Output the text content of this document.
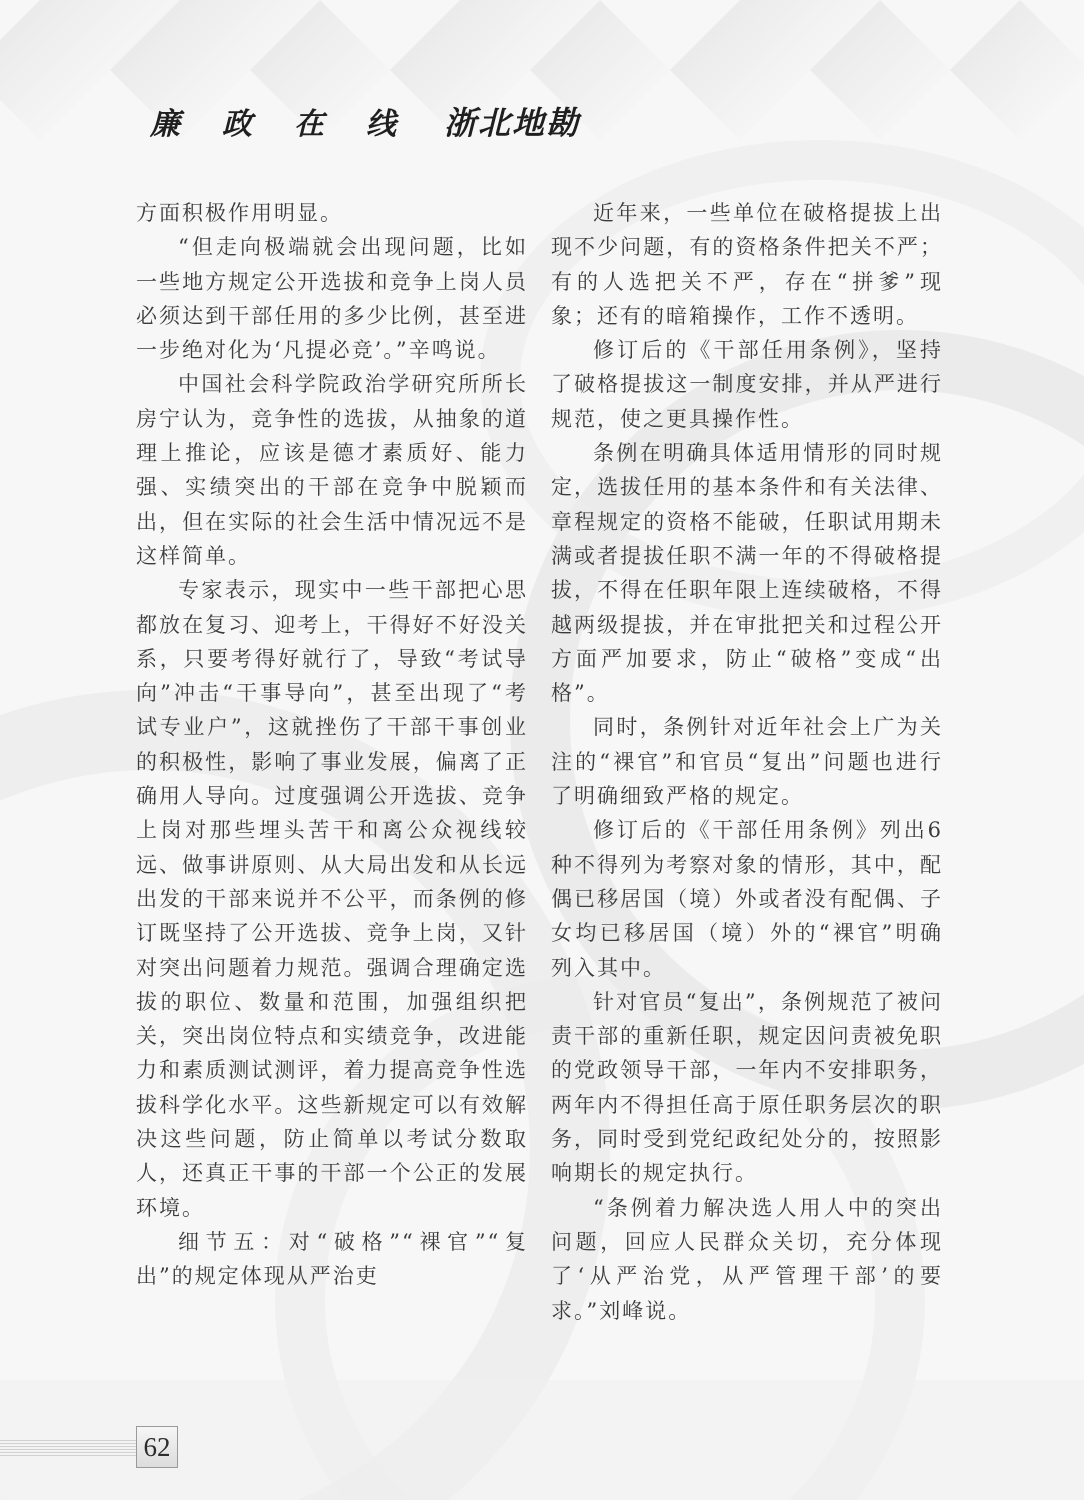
廉	政	在	线	浙北地勘

方面积极作用明显。

“但走向极端就会出现问题，比如一些地方规定公开选拔和竞争上岗人员必须达到干部任用的多少比例，甚至进一步绝对化为‘凡提必竞’。”辛鸣说。

中国社会科学院政治学研究所所长房宁认为，竞争性的选拔，从抽象的道理上推论，应该是德才素质好、能力强、实绩突出的干部在竞争中脱颖而出，但在实际的社会生活中情况远不是这样简单。

专家表示，现实中一些干部把心思都放在复习、迎考上，干得好不好没关系，只要考得好就行了，导致“考试导向”冲击“干事导向”，甚至出现了“考试专业户”，这就挫伤了干部干事创业的积极性，影响了事业发展，偏离了正确用人导向。过度强调公开选拔、竞争上岗对那些埋头苦干和离公众视线较远、做事讲原则、从大局出发和从长远出发的干部来说并不公平，而条例的修订既坚持了公开选拔、竞争上岗，又针对突出问题着力规范。强调合理确定选拔的职位、数量和范围，加强组织把关，突出岗位特点和实绩竞争，改进能力和素质测试测评，着力提高竞争性选拔科学化水平。这些新规定可以有效解决这些问题，防止简单以考试分数取人，还真正干事的干部一个公正的发展环境。

细节五：对“破格”“裸官”“复出”的规定体现从严治吏

近年来，一些单位在破格提拔上出现不少问题，有的资格条件把关不严；有的人选把关不严，存在“拼爹”现象；还有的暗箱操作，工作不透明。

修订后的《干部任用条例》，坚持了破格提拔这一制度安排，并从严进行规范，使之更具操作性。

条例在明确具体适用情形的同时规定，选拔任用的基本条件和有关法律、章程规定的资格不能破，任职试用期未满或者提拔任职不满一年的不得破格提拔，不得在任职年限上连续破格，不得越两级提拔，并在审批把关和过程公开方面严加要求，防止“破格”变成“出格”。

同时，条例针对近年社会上广为关注的“裸官”和官员“复出”问题也进行了明确细致严格的规定。

修订后的《干部任用条例》列出6种不得列为考察对象的情形，其中，配偶已移居国（境）外或者没有配偶、子女均已移居国（境）外的“裸官”明确列入其中。

针对官员“复出”，条例规范了被问责干部的重新任职，规定因问责被免职的党政领导干部，一年内不安排职务，两年内不得担任高于原任职务层次的职务，同时受到党纪政纪处分的，按照影响期长的规定执行。

“条例着力解决选人用人中的突出问题，回应人民群众关切，充分体现了‘从严治党，从严管理干部’的要求。”刘峰说。

62
